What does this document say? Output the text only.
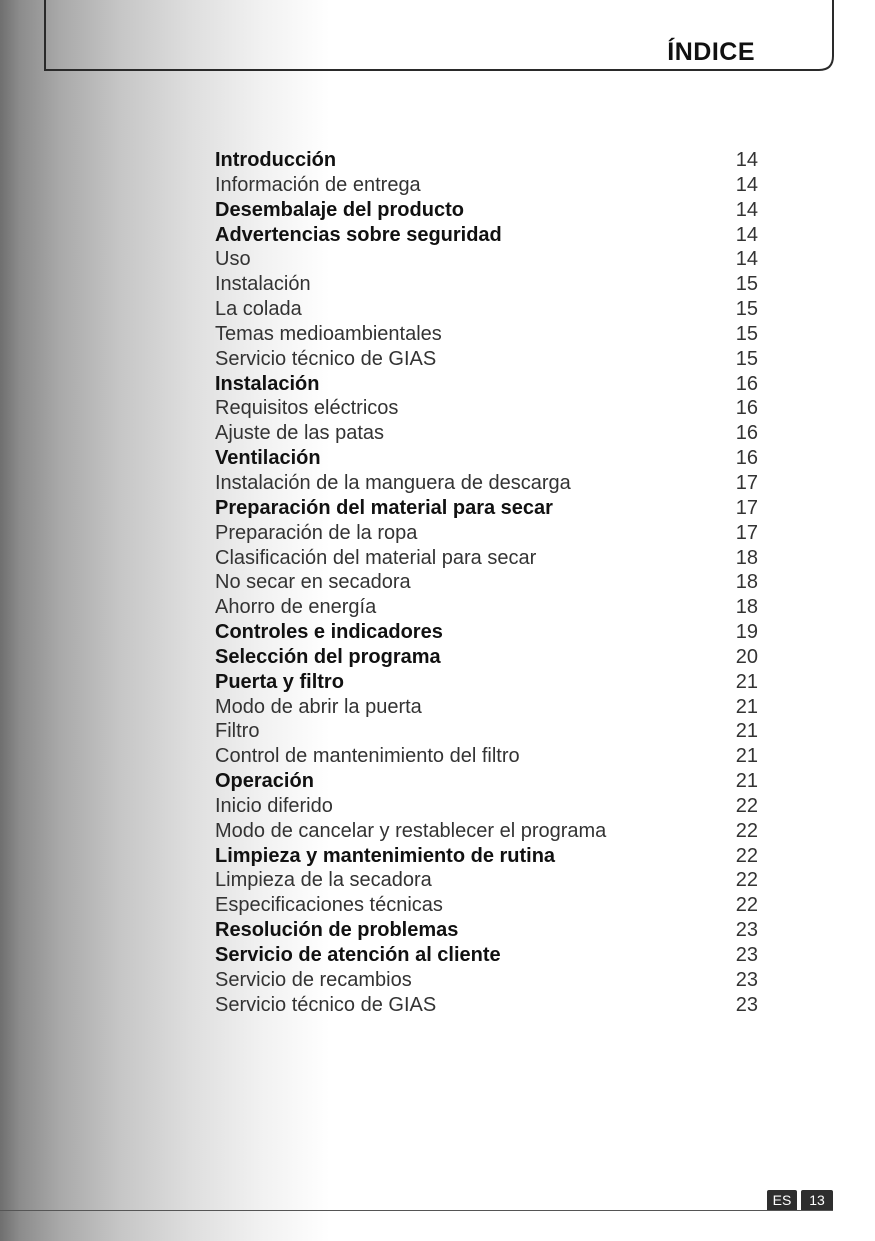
ÍNDICE
Introducción	14
Información de entrega	14
Desembalaje del producto	14
Advertencias sobre seguridad	14
Uso	14
Instalación	15
La colada	15
Temas medioambientales	15
Servicio técnico de GIAS	15
Instalación	16
Requisitos eléctricos	16
Ajuste de las patas	16
Ventilación	16
Instalación de la manguera de descarga	17
Preparación del material para secar	17
Preparación de la ropa	17
Clasificación del material para secar	18
No secar en secadora	18
Ahorro de energía	18
Controles e indicadores	19
Selección del programa	20
Puerta y filtro	21
Modo de abrir la puerta	21
Filtro	21
Control de mantenimiento del filtro	21
Operación	21
Inicio diferido	22
Modo de cancelar y restablecer el programa	22
Limpieza y mantenimiento de rutina	22
Limpieza de la secadora	22
Especificaciones técnicas	22
Resolución de problemas	23
Servicio de atención al cliente	23
Servicio de recambios	23
Servicio técnico de GIAS	23
ES	13
